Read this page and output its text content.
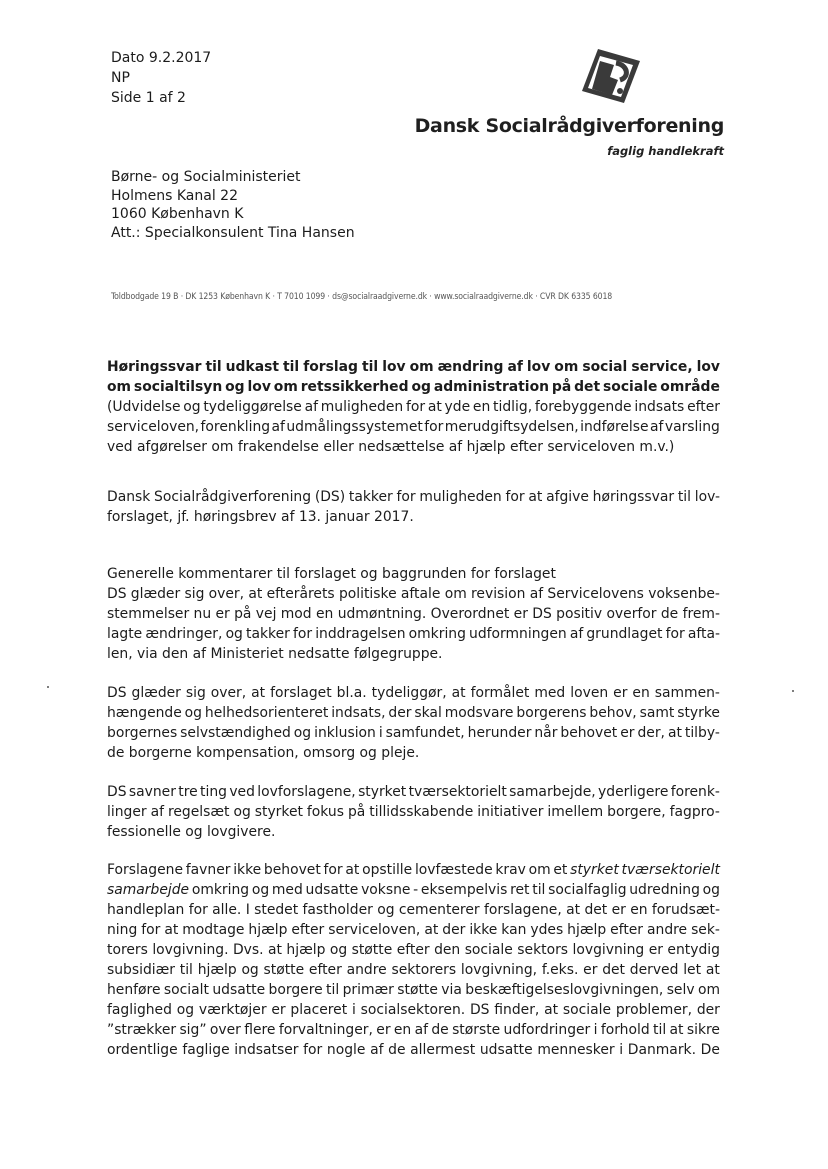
Dato 9.2.2017
NP
Side 1 af 2
Dansk Socialrådgiverforening
faglig handlekraft
Børne- og Socialministeriet
Holmens Kanal 22
1060 København K
Att.: Specialkonsulent Tina Hansen
Toldbodgade 19 B · DK 1253 København K · T 7010 1099 · ds@socialraadgiverne.dk · www.socialraadgiverne.dk · CVR DK 6335 6018
Høringssvar til udkast til forslag til lov om ændring af lov om social service, lov
om socialtilsyn og lov om retssikkerhed og administration på det sociale område
(Udvidelse og tydeliggørelse af muligheden for at yde en tidlig, forebyggende indsats efter
serviceloven, forenkling af udmålingssystemet for merudgiftsydelsen, indførelse af varsling
ved afgørelser om frakendelse eller nedsættelse af hjælp efter serviceloven m.v.)
Dansk Socialrådgiverforening (DS) takker for muligheden for at afgive høringssvar til lov-
forslaget, jf. høringsbrev af 13. januar 2017.
Generelle kommentarer til forslaget og baggrunden for forslaget
DS glæder sig over, at efterårets politiske aftale om revision af Servicelovens voksenbe-
stemmelser nu er på vej mod en udmøntning. Overordnet er DS positiv overfor de frem-
lagte ændringer, og takker for inddragelsen omkring udformningen af grundlaget for afta-
len, via den af Ministeriet nedsatte følgegruppe.
DS glæder sig over, at forslaget bl.a. tydeliggør, at formålet med loven er en sammen-
hængende og helhedsorienteret indsats, der skal modsvare borgerens behov, samt styrke
borgernes selvstændighed og inklusion i samfundet, herunder når behovet er der, at tilby-
de borgerne kompensation, omsorg og pleje.
DS savner tre ting ved lovforslagene, styrket tværsektorielt samarbejde, yderligere forenk-
linger af regelsæt og styrket fokus på tillidsskabende initiativer imellem borgere, fagpro-
fessionelle og lovgivere.
Forslagene favner ikke behovet for at opstille lovfæstede krav om et styrket tværsektorielt
samarbejde omkring og med udsatte voksne - eksempelvis ret til socialfaglig udredning og
handleplan for alle. I stedet fastholder og cementerer forslagene, at det er en forudsæt-
ning for at modtage hjælp efter serviceloven, at der ikke kan ydes hjælp efter andre sek-
torers lovgivning. Dvs. at hjælp og støtte efter den sociale sektors lovgivning er entydig
subsidiær til hjælp og støtte efter andre sektorers lovgivning, f.eks. er det derved let at
henføre socialt udsatte borgere til primær støtte via beskæftigelseslovgivningen, selv om
faglighed og værktøjer er placeret i socialsektoren. DS finder, at sociale problemer, der
”strækker sig” over flere forvaltninger, er en af de største udfordringer i forhold til at sikre
ordentlige faglige indsatser for nogle af de allermest udsatte mennesker i Danmark. De
